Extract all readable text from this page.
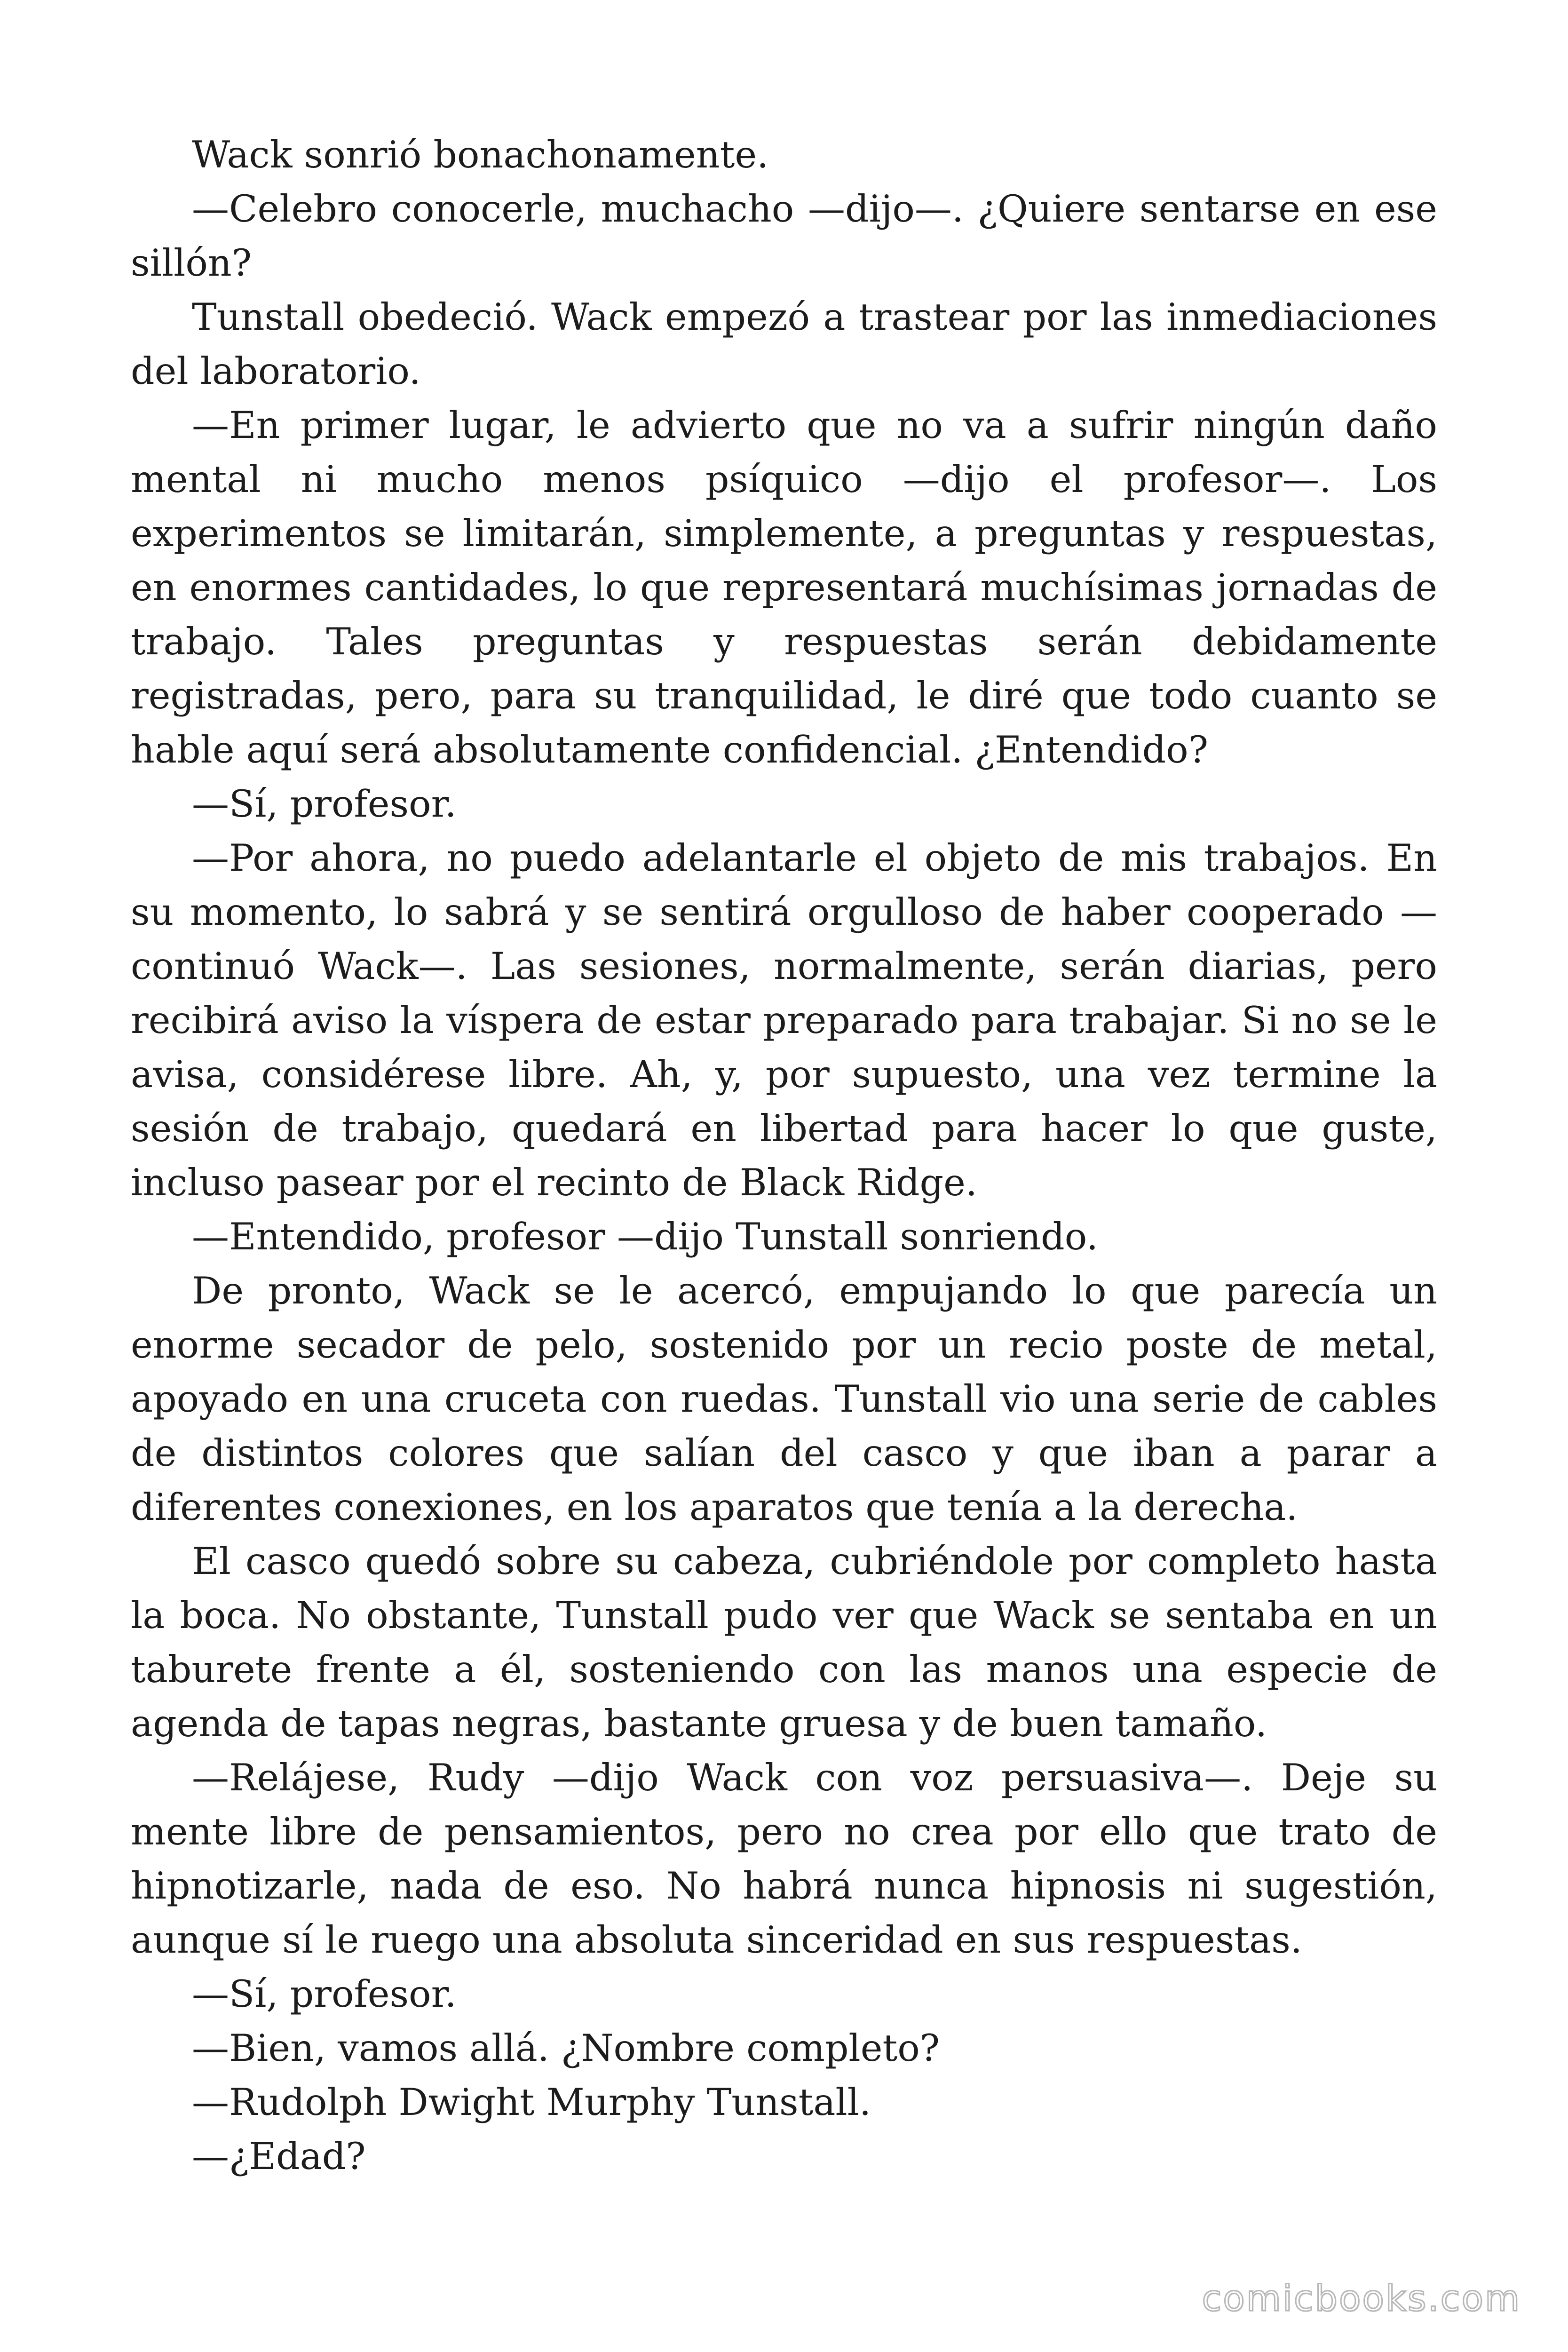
Wack sonrió bonachonamente.

—Celebro conocerle, muchacho —dijo—. ¿Quiere sentarse en ese sillón?

Tunstall obedeció. Wack empezó a trastear por las inmediaciones del laboratorio.

—En primer lugar, le advierto que no va a sufrir ningún daño mental ni mucho menos psíquico —dijo el profesor—. Los experimentos se limitarán, simplemente, a preguntas y respuestas, en enormes cantidades, lo que representará muchísimas jornadas de trabajo. Tales preguntas y respuestas serán debidamente registradas, pero, para su tranquilidad, le diré que todo cuanto se hable aquí será absolutamente confidencial. ¿Entendido?

—Sí, profesor.

—Por ahora, no puedo adelantarle el objeto de mis trabajos. En su momento, lo sabrá y se sentirá orgulloso de haber cooperado —continuó Wack—. Las sesiones, normalmente, serán diarias, pero recibirá aviso la víspera de estar preparado para trabajar. Si no se le avisa, considérese libre. Ah, y, por supuesto, una vez termine la sesión de trabajo, quedará en libertad para hacer lo que guste, incluso pasear por el recinto de Black Ridge.

—Entendido, profesor —dijo Tunstall sonriendo.

De pronto, Wack se le acercó, empujando lo que parecía un enorme secador de pelo, sostenido por un recio poste de metal, apoyado en una cruceta con ruedas. Tunstall vio una serie de cables de distintos colores que salían del casco y que iban a parar a diferentes conexiones, en los aparatos que tenía a la derecha.

El casco quedó sobre su cabeza, cubriéndole por completo hasta la boca. No obstante, Tunstall pudo ver que Wack se sentaba en un taburete frente a él, sosteniendo con las manos una especie de agenda de tapas negras, bastante gruesa y de buen tamaño.

—Relájese, Rudy —dijo Wack con voz persuasiva—. Deje su mente libre de pensamientos, pero no crea por ello que trato de hipnotizarle, nada de eso. No habrá nunca hipnosis ni sugestión, aunque sí le ruego una absoluta sinceridad en sus respuestas.

—Sí, profesor.

—Bien, vamos allá. ¿Nombre completo?

—Rudolph Dwight Murphy Tunstall.

—¿Edad?

comicbooks.com
